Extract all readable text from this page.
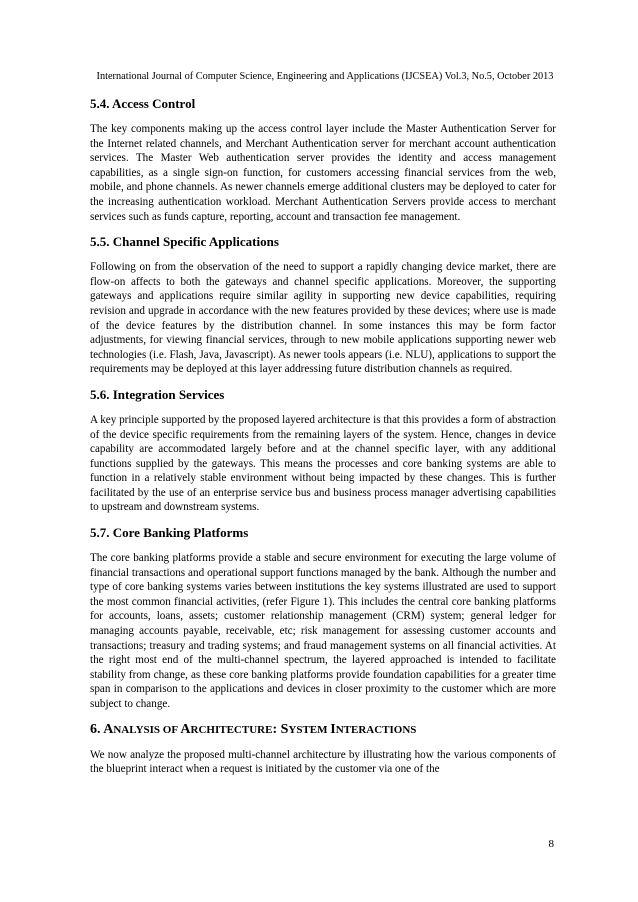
International Journal of Computer Science, Engineering and Applications (IJCSEA) Vol.3, No.5, October 2013
5.4. Access Control

The key components making up the access control layer include the Master Authentication Server for the Internet related channels, and Merchant Authentication server for merchant account authentication services. The Master Web authentication server provides the identity and access management capabilities, as a single sign-on function, for customers accessing financial services from the web, mobile, and phone channels. As newer channels emerge additional clusters may be deployed to cater for the increasing authentication workload. Merchant Authentication Servers provide access to merchant services such as funds capture, reporting, account and transaction fee management.

5.5. Channel Specific Applications

Following on from the observation of the need to support a rapidly changing device market, there are flow-on affects to both the gateways and channel specific applications. Moreover, the supporting gateways and applications require similar agility in supporting new device capabilities, requiring revision and upgrade in accordance with the new features provided by these devices; where use is made of the device features by the distribution channel. In some instances this may be form factor adjustments, for viewing financial services, through to new mobile applications supporting newer web technologies (i.e. Flash, Java, Javascript). As newer tools appears (i.e. NLU), applications to support the requirements may be deployed at this layer addressing future distribution channels as required.

5.6. Integration Services

A key principle supported by the proposed layered architecture is that this provides a form of abstraction of the device specific requirements from the remaining layers of the system. Hence, changes in device capability are accommodated largely before and at the channel specific layer, with any additional functions supplied by the gateways. This means the processes and core banking systems are able to function in a relatively stable environment without being impacted by these changes. This is further facilitated by the use of an enterprise service bus and business process manager advertising capabilities to upstream and downstream systems.

5.7. Core Banking Platforms

The core banking platforms provide a stable and secure environment for executing the large volume of financial transactions and operational support functions managed by the bank. Although the number and type of core banking systems varies between institutions the key systems illustrated are used to support the most common financial activities, (refer Figure 1). This includes the central core banking platforms for accounts, loans, assets; customer relationship management (CRM) system; general ledger for managing accounts payable, receivable, etc; risk management for assessing customer accounts and transactions; treasury and trading systems; and fraud management systems on all financial activities. At the right most end of the multi-channel spectrum, the layered approached is intended to facilitate stability from change, as these core banking platforms provide foundation capabilities for a greater time span in comparison to the applications and devices in closer proximity to the customer which are more subject to change.

6. ANALYSIS OF ARCHITECTURE: SYSTEM INTERACTIONS

We now analyze the proposed multi-channel architecture by illustrating how the various components of the blueprint interact when a request is initiated by the customer via one of the

8
